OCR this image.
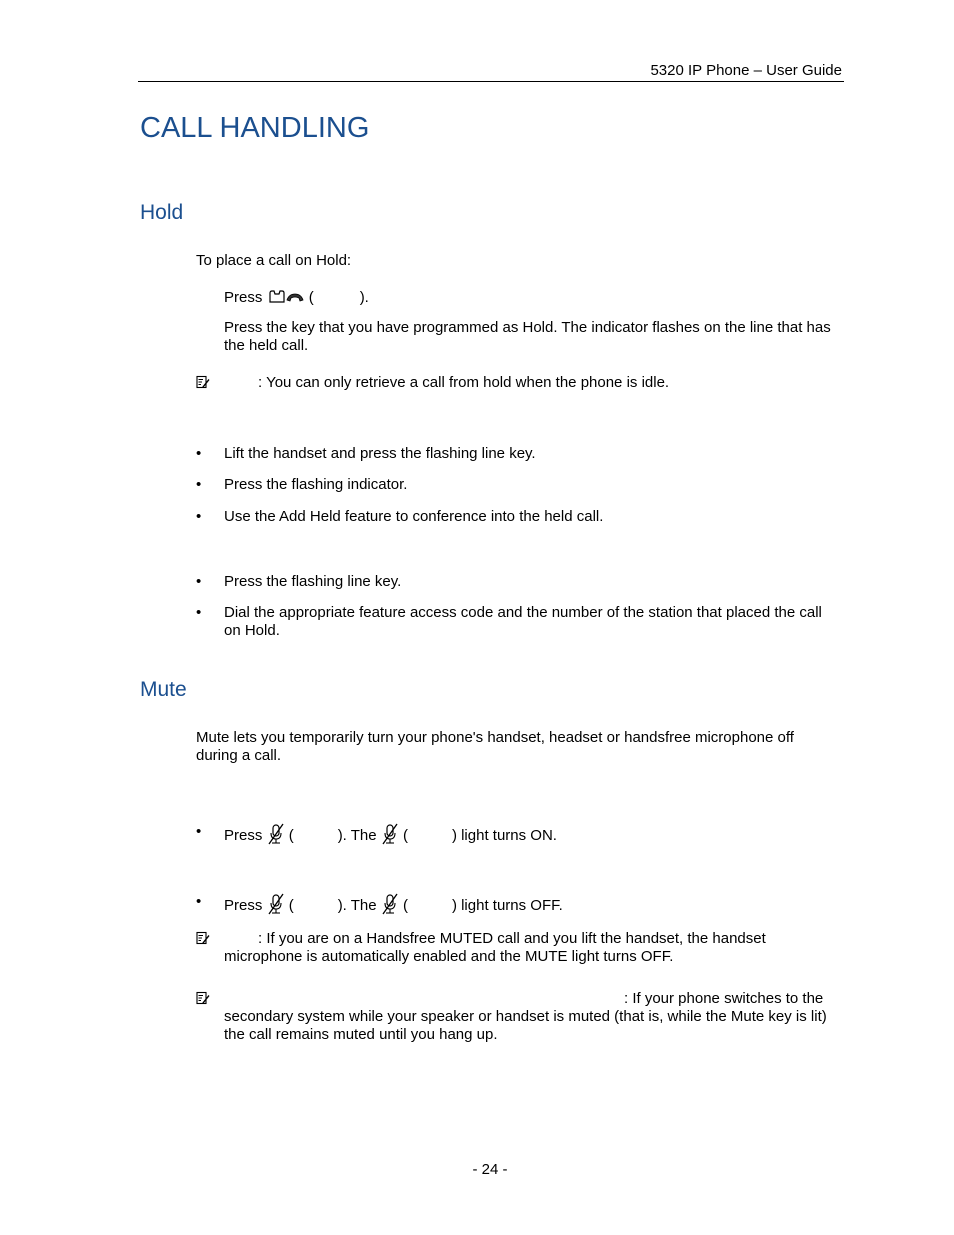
5320 IP Phone – User Guide
CALL HANDLING
Hold
To place a call on Hold:
Press	(	).
Press the key that you have programmed as Hold. The indicator flashes on the line that has the held call.
: You can only retrieve a call from hold when the phone is idle.
• Lift the handset and press the flashing line key.
• Press the flashing indicator.
• Use the Add Held feature to conference into the held call.
• Press the flashing line key.
• Dial the appropriate feature access code and the number of the station that placed the call on Hold.
Mute
Mute lets you temporarily turn your phone's handset, headset or handsfree microphone off during a call.
• Press (	). The (	) light turns ON.
• Press (	). The (	) light turns OFF.
: If you are on a Handsfree MUTED call and you lift the handset, the handset microphone is automatically enabled and the MUTE light turns OFF.
: If your phone switches to the
secondary system while your speaker or handset is muted (that is, while the Mute key is lit) the call remains muted until you hang up.
- 24 -
